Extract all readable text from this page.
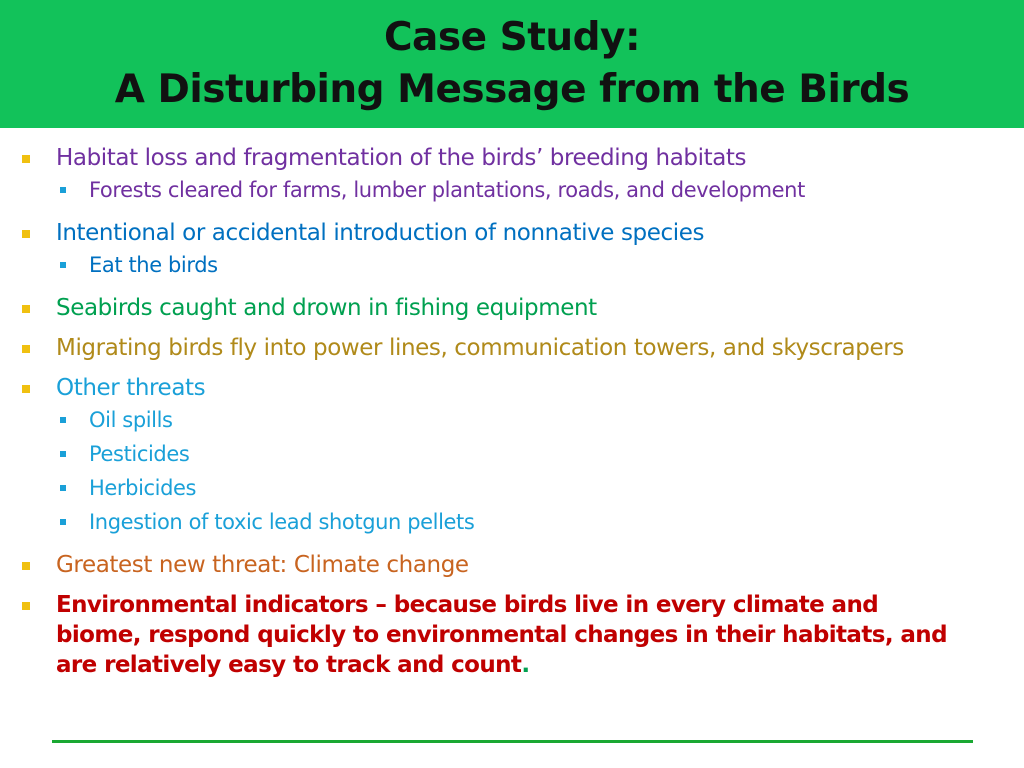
Case Study:
A Disturbing Message from the Birds
Habitat loss and fragmentation of the birds’ breeding habitats
Forests cleared for farms, lumber plantations, roads, and development
Intentional or accidental introduction of nonnative species
Eat the birds
Seabirds caught and drown in fishing equipment
Migrating birds fly into power lines, communication towers, and skyscrapers
Other threats
Oil spills
Pesticides
Herbicides
Ingestion of toxic lead shotgun pellets
Greatest new threat: Climate change
Environmental indicators – because birds live in every climate and biome, respond quickly to environmental changes in their habitats, and are relatively easy to track and count.
